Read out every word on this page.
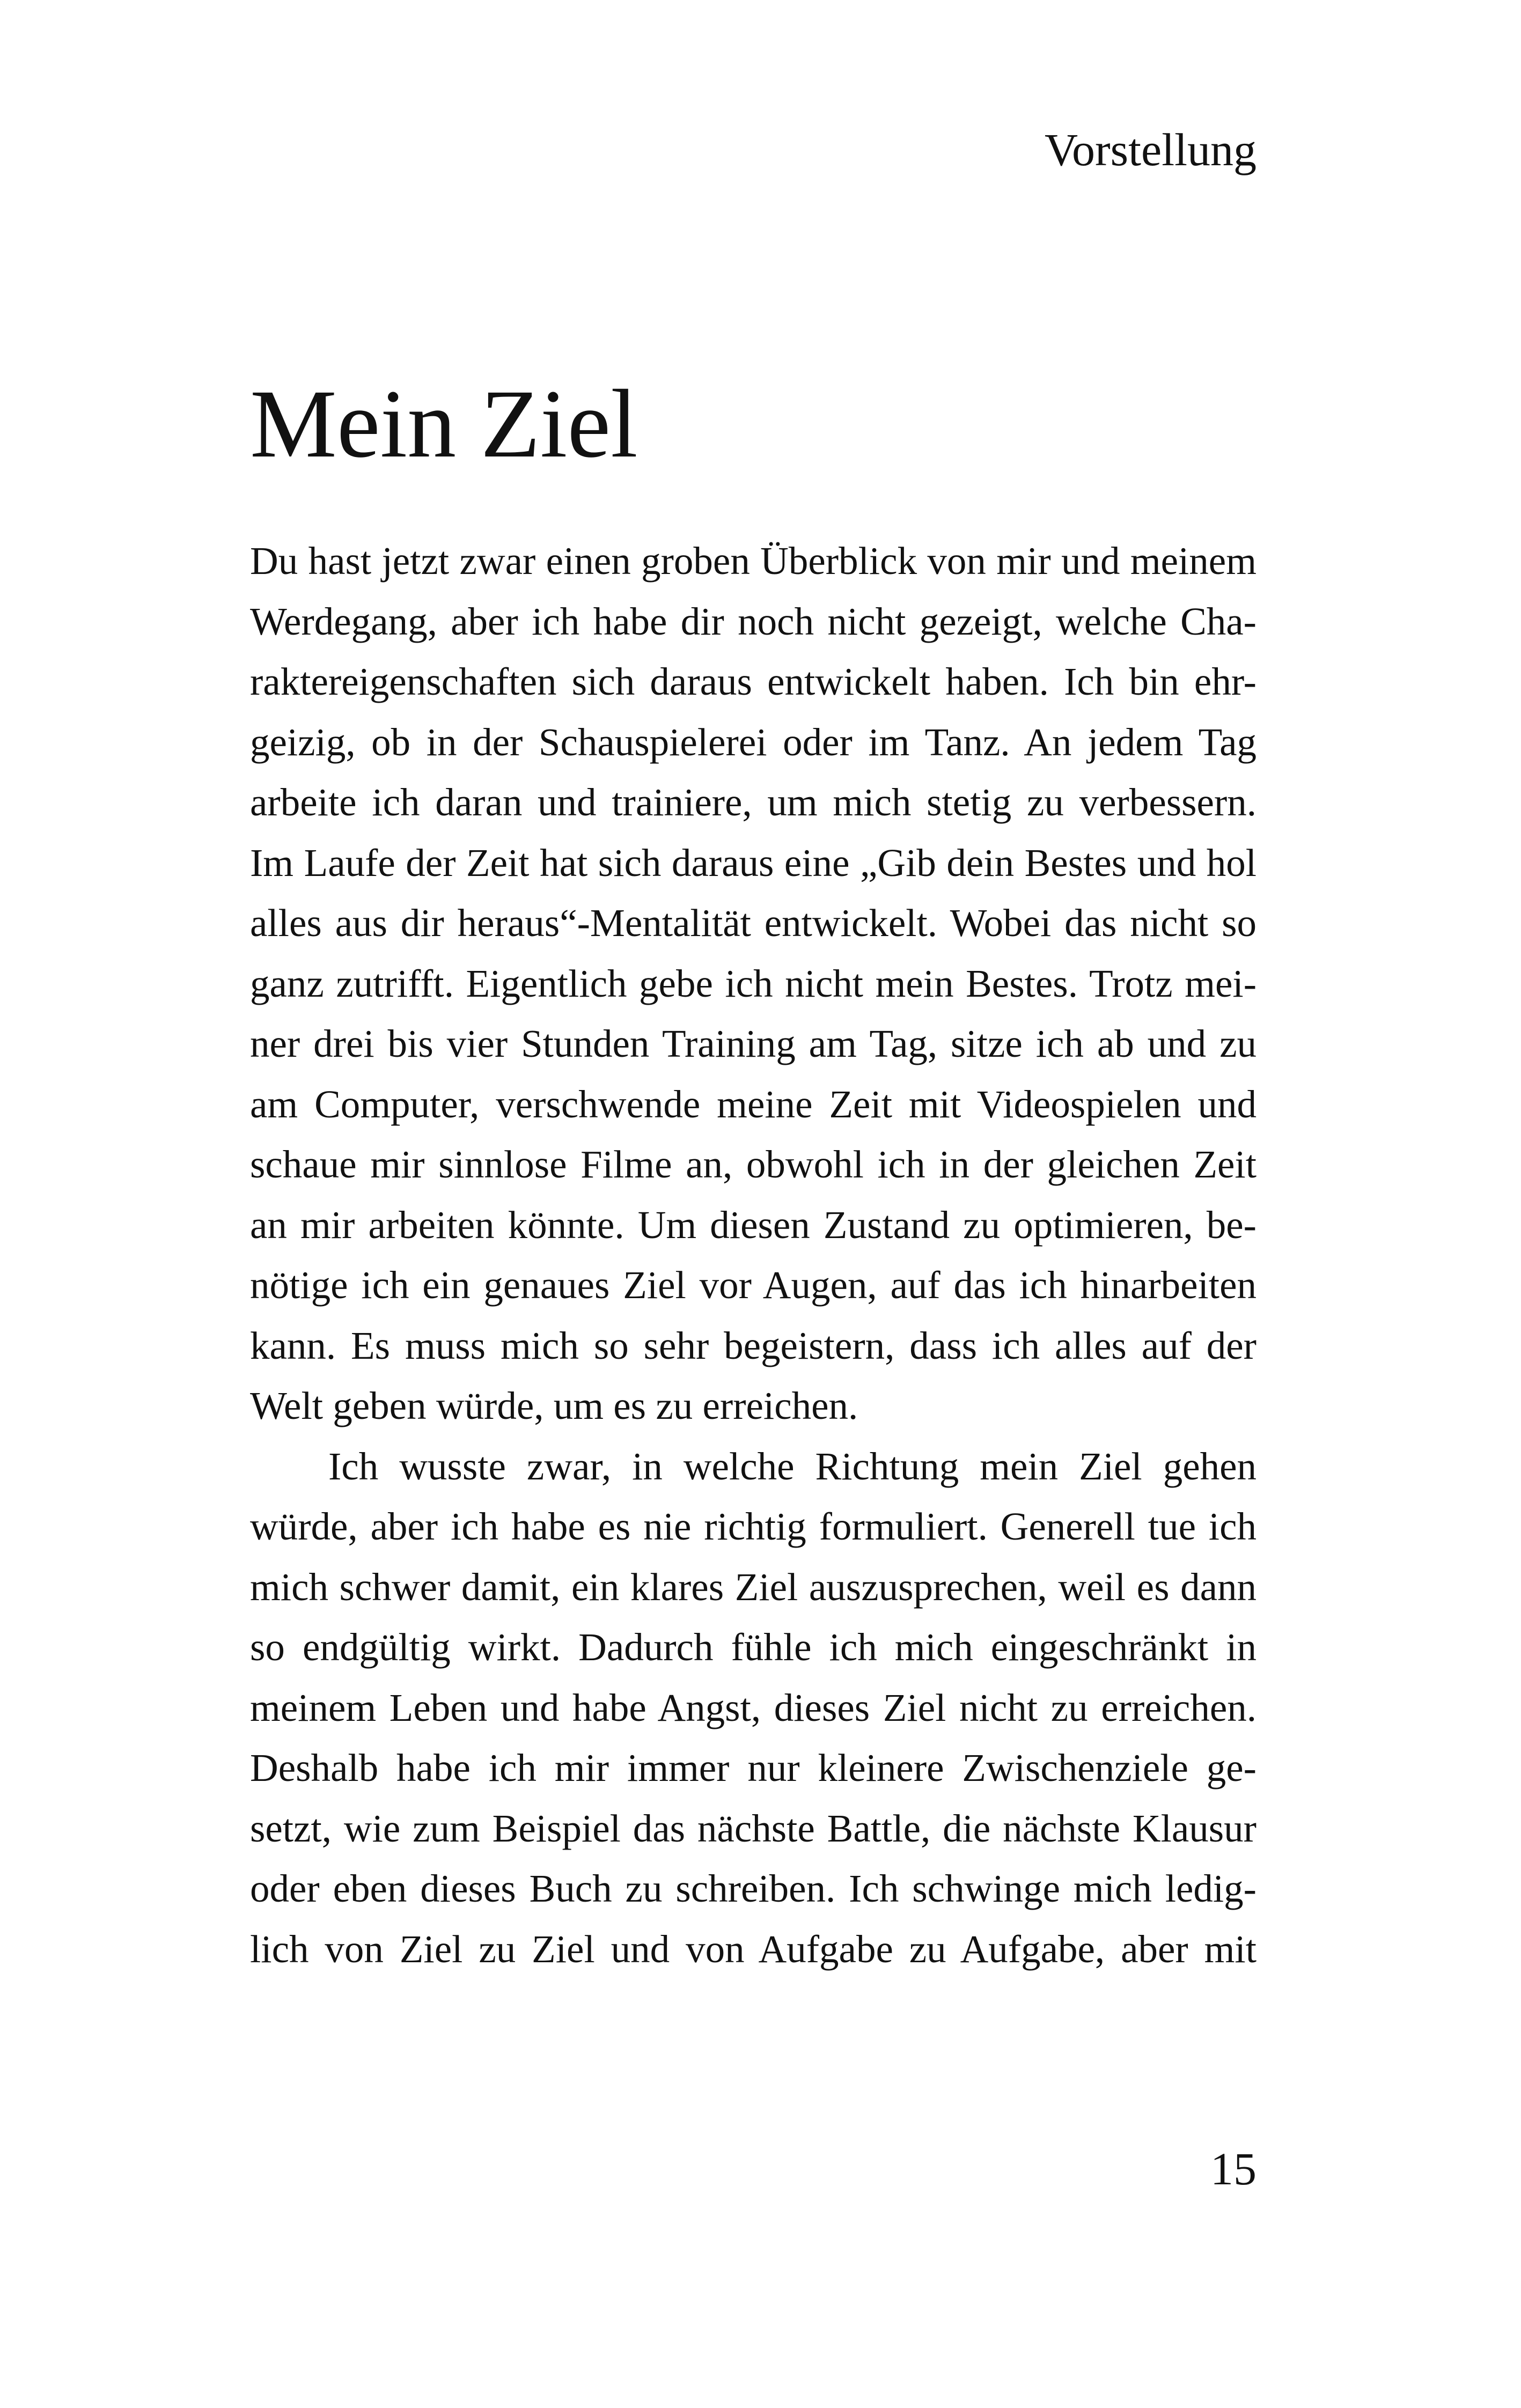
Vorstellung
Mein Ziel

Du hast jetzt zwar einen groben Überblick von mir und meinem
Werdegang, aber ich habe dir noch nicht gezeigt, welche Cha-
raktereigenschaften sich daraus entwickelt haben. Ich bin ehr-
geizig, ob in der Schauspielerei oder im Tanz. An jedem Tag
arbeite ich daran und trainiere, um mich stetig zu verbessern.
Im Laufe der Zeit hat sich daraus eine „Gib dein Bestes und hol
alles aus dir heraus“-Mentalität entwickelt. Wobei das nicht so
ganz zutrifft. Eigentlich gebe ich nicht mein Bestes. Trotz mei-
ner drei bis vier Stunden Training am Tag, sitze ich ab und zu
am Computer, verschwende meine Zeit mit Videospielen und
schaue mir sinnlose Filme an, obwohl ich in der gleichen Zeit
an mir arbeiten könnte. Um diesen Zustand zu optimieren, be-
nötige ich ein genaues Ziel vor Augen, auf das ich hinarbeiten
kann. Es muss mich so sehr begeistern, dass ich alles auf der
Welt geben würde, um es zu erreichen.

Ich wusste zwar, in welche Richtung mein Ziel gehen
würde, aber ich habe es nie richtig formuliert. Generell tue ich
mich schwer damit, ein klares Ziel auszusprechen, weil es dann
so endgültig wirkt. Dadurch fühle ich mich eingeschränkt in
meinem Leben und habe Angst, dieses Ziel nicht zu erreichen.
Deshalb habe ich mir immer nur kleinere Zwischenziele ge-
setzt, wie zum Beispiel das nächste Battle, die nächste Klausur
oder eben dieses Buch zu schreiben. Ich schwinge mich ledig-
lich von Ziel zu Ziel und von Aufgabe zu Aufgabe, aber mit

15
